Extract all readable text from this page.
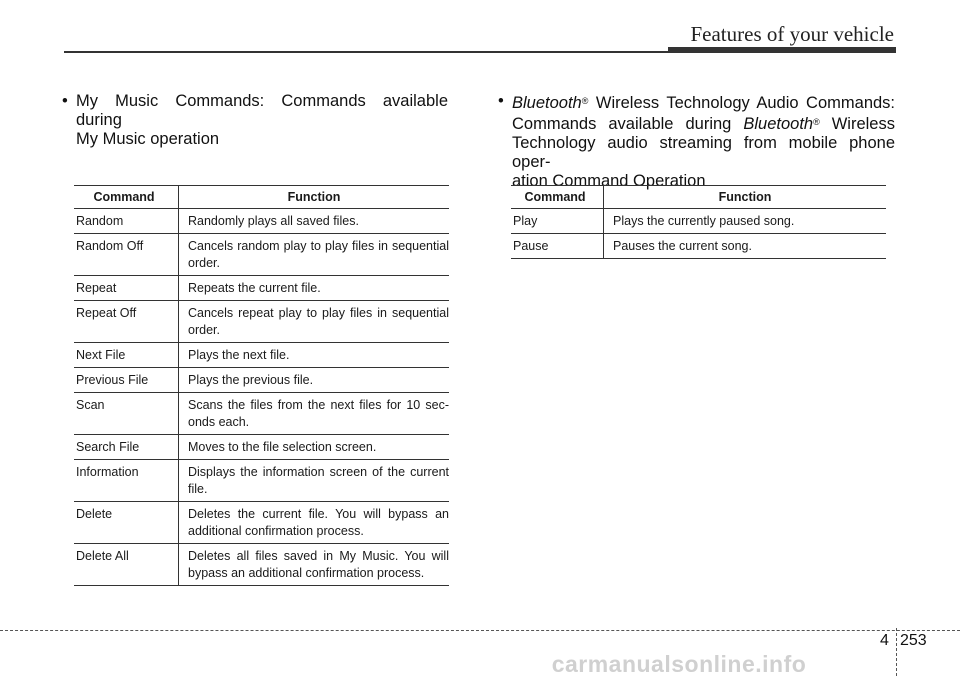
Features of your vehicle
• My Music Commands: Commands available during
My Music operation
Command	Function
Random	Randomly plays all saved files.
Random Off	Cancels random play to play files in sequential order.
Repeat	Repeats the current file.
Repeat Off	Cancels repeat play to play files in sequential order.
Next File	Plays the next file.
Previous File	Plays the previous file.
Scan	Scans the files from the next files for 10 sec-onds each.
Search File	Moves to the file selection screen.
Information	Displays the information screen of the current file.
Delete	Deletes the current file. You will bypass an additional confirmation process.
Delete All	Deletes all files saved in My Music. You will bypass an additional confirmation process.
• Bluetooth® Wireless Technology Audio Commands:
Commands available during Bluetooth® Wireless
Technology audio streaming from mobile phone oper-
ation Command Operation
Command	Function
Play	Plays the currently paused song.
Pause	Pauses the current song.
4 253
carmanualsonline.info
